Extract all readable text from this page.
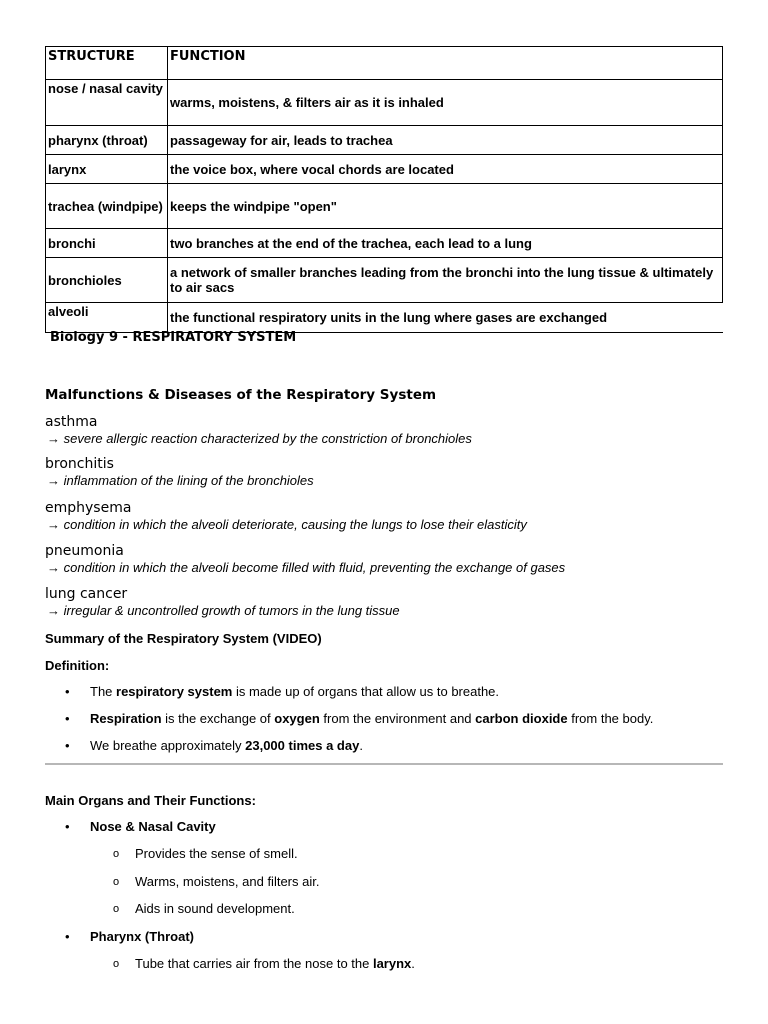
STRUCTURE	FUNCTION
nose / nasal cavity	warms, moistens, & filters air as it is inhaled
pharynx (throat)	passageway for air, leads to trachea
larynx	the voice box, where vocal chords are located
trachea (windpipe)	keeps the windpipe "open"
bronchi	two branches at the end of the trachea, each lead to a lung
bronchioles	a network of smaller branches leading from the bronchi into the lung tissue & ultimately to air sacs
alveoli	the functional respiratory units in the lung where gases are exchanged
Biology 9 - RESPIRATORY SYSTEM
Malfunctions & Diseases of the Respiratory System
asthma
→ severe allergic reaction characterized by the constriction of bronchioles
bronchitis
→ inflammation of the lining of the bronchioles
emphysema
→ condition in which the alveoli deteriorate, causing the lungs to lose their elasticity
pneumonia
→ condition in which the alveoli become filled with fluid, preventing the exchange of gases
lung cancer
→ irregular & uncontrolled growth of tumors in the lung tissue

Summary of the Respiratory System (VIDEO)

Definition:

• The respiratory system is made up of organs that allow us to breathe.
• Respiration is the exchange of oxygen from the environment and carbon dioxide from the body.
• We breathe approximately 23,000 times a day.

Main Organs and Their Functions:

• Nose & Nasal Cavity

o Provides the sense of smell.

o Warms, moistens, and filters air.

o Aids in sound development.

• Pharynx (Throat)

o Tube that carries air from the nose to the larynx.
